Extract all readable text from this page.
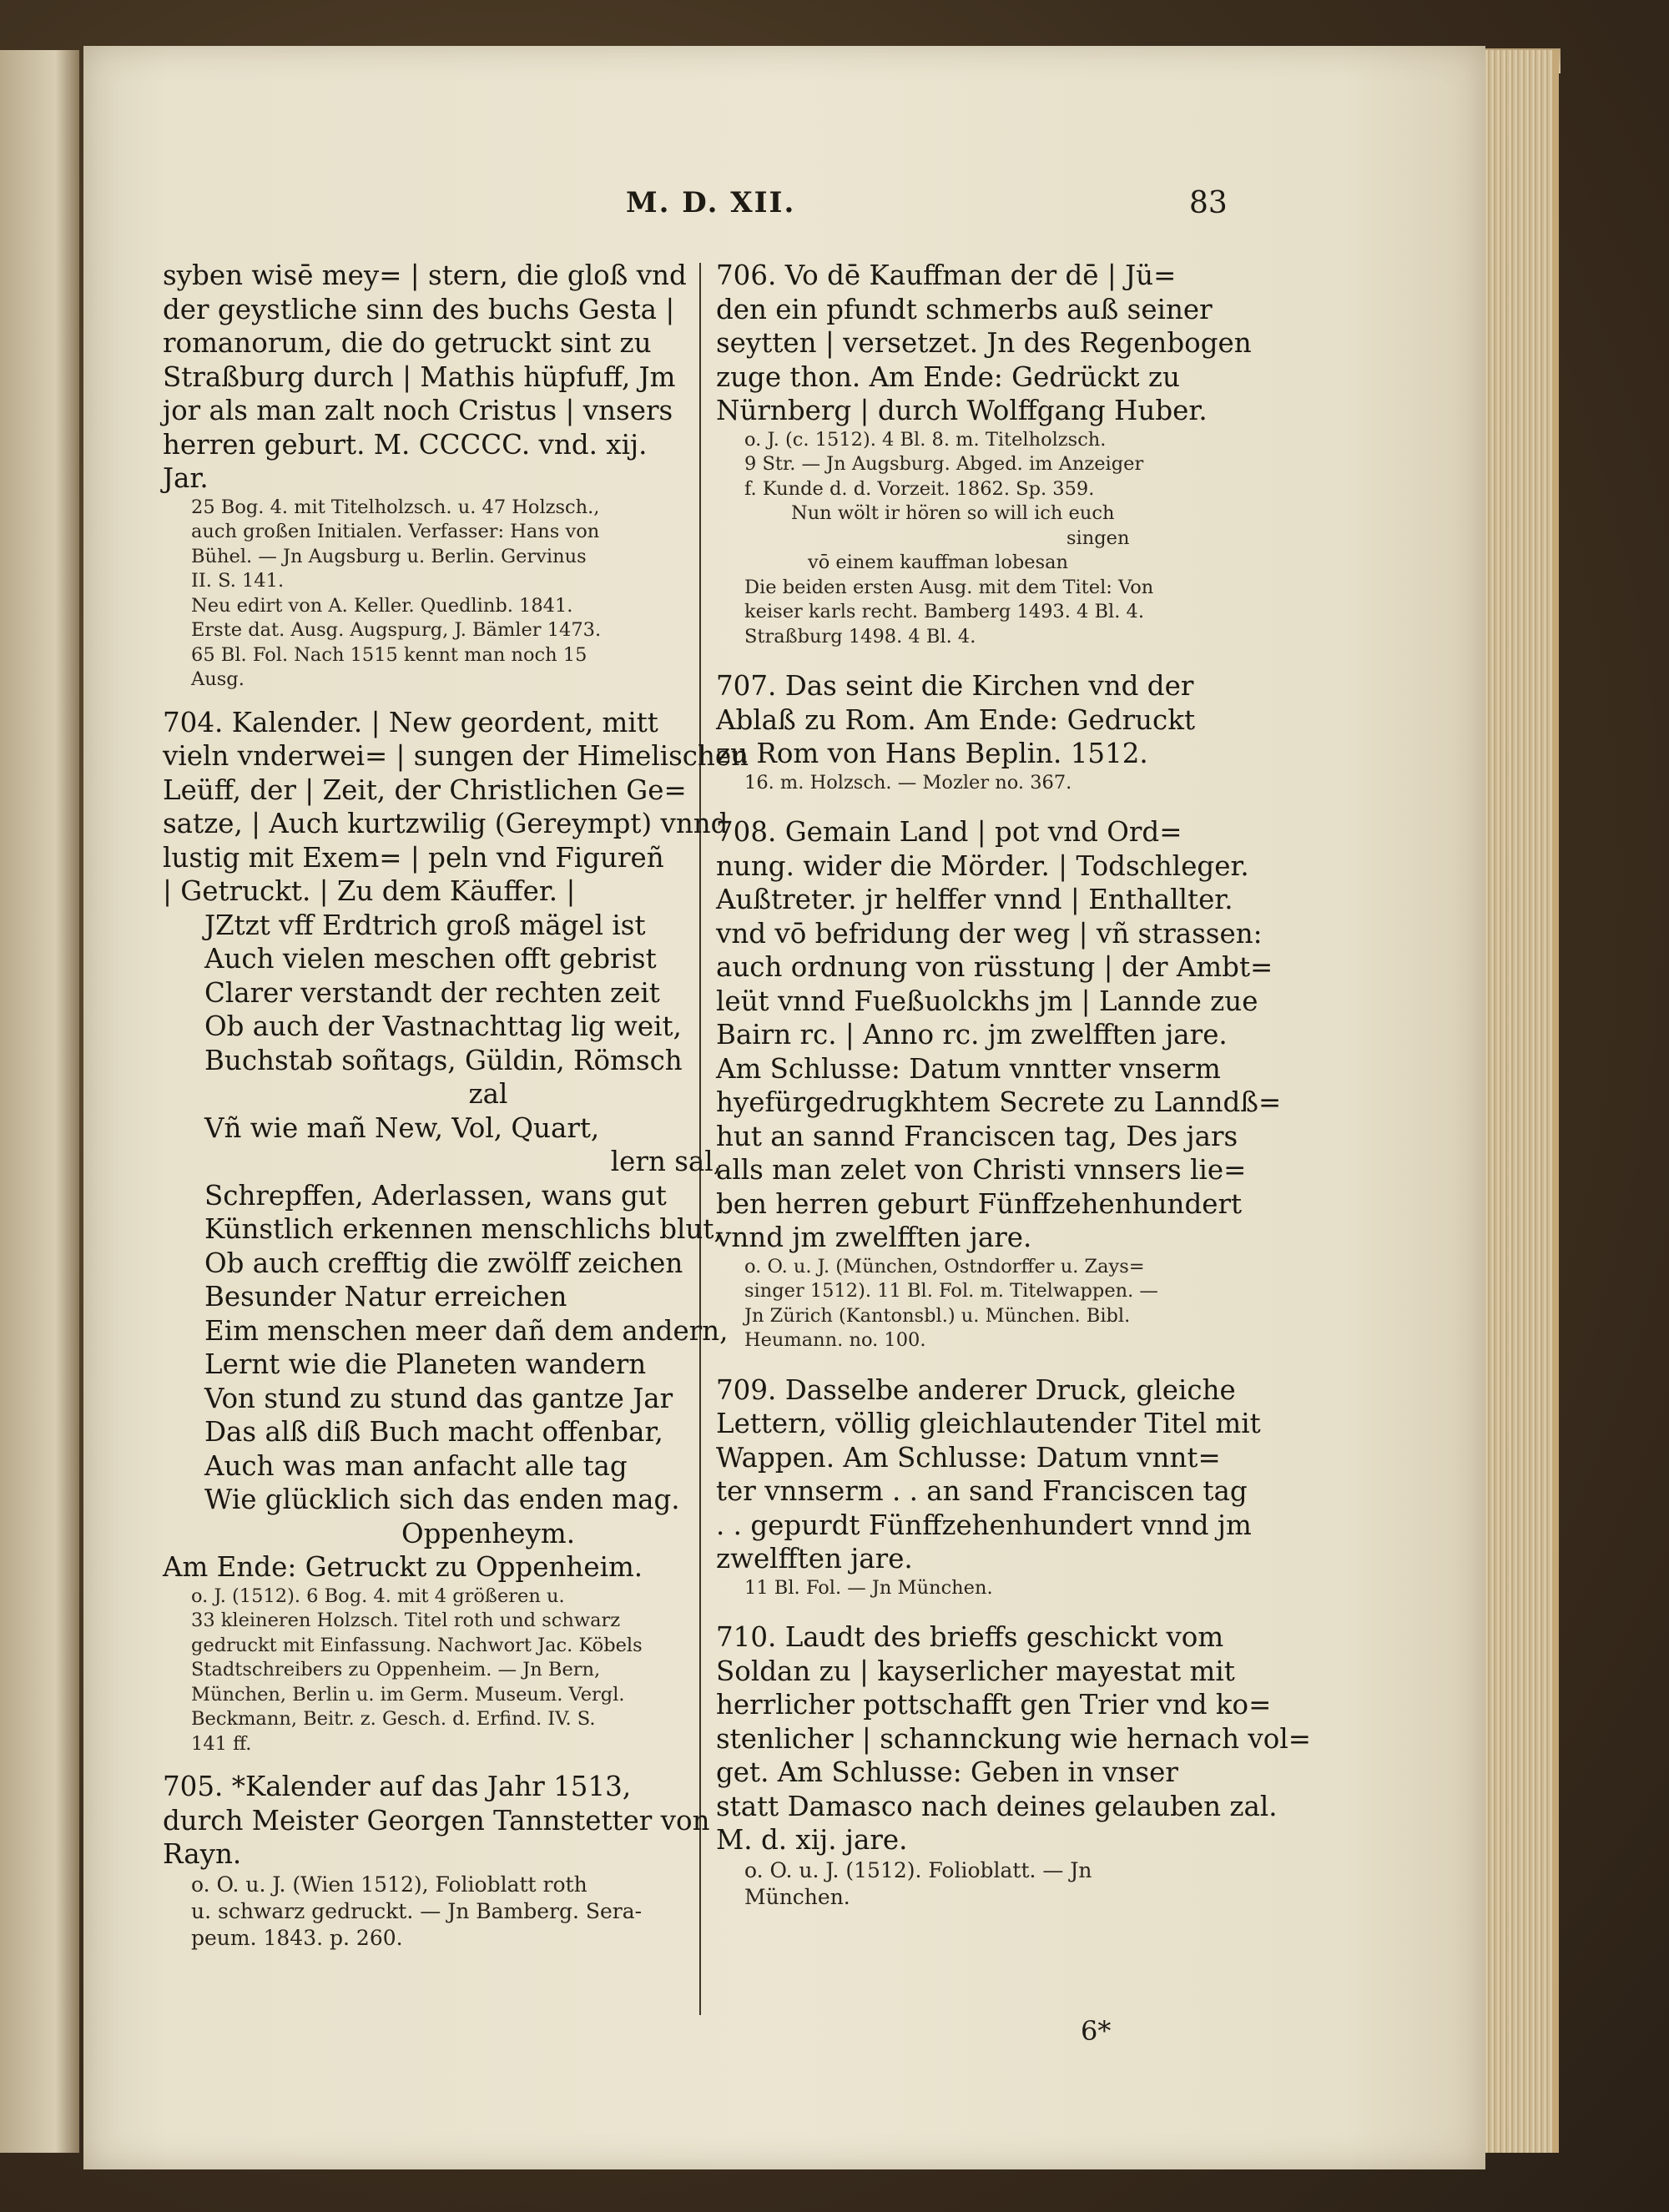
M. D. XII.	83
syben wisē mey= | stern, die gloß vnd
der geystliche sinn des buchs Gesta |
romanorum, die do getruckt sint zu
Straßburg durch | Mathis hüpfuff, Jm
jor als man zalt noch Cristus | vnsers
herren geburt. M. CCCCC. vnd. xij.
Jar.
25 Bog. 4. mit Titelholzsch. u. 47 Holzsch.,
auch großen Initialen. Verfasser: Hans von
Bühel. — Jn Augsburg u. Berlin. Gervinus
II. S. 141.
Neu edirt von A. Keller. Quedlinb. 1841.
Erste dat. Ausg. Augspurg, J. Bämler 1473.
65 Bl. Fol. Nach 1515 kennt man noch 15
Ausg.
704. Kalender. | New geordent, mitt
vieln vnderwei= | sungen der Himelischen
Leüff, der | Zeit, der Christlichen Ge=
satze, | Auch kurtzwilig (Gereympt) vnnd
lustig mit Exem= | peln vnd Figureñ
| Getruckt. | Zu dem Käuffer. |
JZtzt vff Erdtrich groß mägel ist
Auch vielen meschen offt gebrist
Clarer verstandt der rechten zeit
Ob auch der Vastnachttag lig weit,
Buchstab soñtags, Güldin, Römsch
zal
Vñ wie mañ New, Vol, Quart,
lern sal,
Schrepffen, Aderlassen, wans gut
Künstlich erkennen menschlichs blut,
Ob auch crefftig die zwölff zeichen
Besunder Natur erreichen
Eim menschen meer dañ dem andern,
Lernt wie die Planeten wandern
Von stund zu stund das gantze Jar
Das alß diß Buch macht offenbar,
Auch was man anfacht alle tag
Wie glücklich sich das enden mag.
Oppenheym.
Am Ende: Getruckt zu Oppenheim.
o. J. (1512). 6 Bog. 4. mit 4 größeren u.
33 kleineren Holzsch. Titel roth und schwarz
gedruckt mit Einfassung. Nachwort Jac. Köbels
Stadtschreibers zu Oppenheim. — Jn Bern,
München, Berlin u. im Germ. Museum. Vergl.
Beckmann, Beitr. z. Gesch. d. Erfind. IV. S.
141 ff.
705. *Kalender auf das Jahr 1513,
durch Meister Georgen Tannstetter von
Rayn.
o. O. u. J. (Wien 1512), Folioblatt roth
u. schwarz gedruckt. — Jn Bamberg. Sera-
peum. 1843. p. 260.
706. Vo dē Kauffman der dē | Jü=
den ein pfundt schmerbs auß seiner
seytten | versetzet. Jn des Regenbogen
zuge thon. Am Ende: Gedrückt zu
Nürnberg | durch Wolffgang Huber.
o. J. (c. 1512). 4 Bl. 8. m. Titelholzsch.
9 Str. — Jn Augsburg. Abged. im Anzeiger
f. Kunde d. d. Vorzeit. 1862. Sp. 359.
Nun wölt ir hören so will ich euch
singen
vō einem kauffman lobesan
Die beiden ersten Ausg. mit dem Titel: Von
keiser karls recht. Bamberg 1493. 4 Bl. 4.
Straßburg 1498. 4 Bl. 4.
707. Das seint die Kirchen vnd der
Ablaß zu Rom. Am Ende: Gedruckt
zu Rom von Hans Beplin. 1512.
16. m. Holzsch. — Mozler no. 367.
708. Gemain Land | pot vnd Ord=
nung. wider die Mörder. | Todschleger.
Außtreter. jr helffer vnnd | Enthallter.
vnd vō befridung der weg | vñ strassen:
auch ordnung von rüsstung | der Ambt=
leüt vnnd Fueßuolckhs jm | Lannde zue
Bairn rc. | Anno rc. jm zwelfften jare.
Am Schlusse: Datum vnntter vnserm
hyefürgedrugkhtem Secrete zu Lanndß=
hut an sannd Franciscen tag, Des jars
alls man zelet von Christi vnnsers lie=
ben herren geburt Fünffzehenhundert
vnnd jm zwelfften jare.
o. O. u. J. (München, Ostndorffer u. Zays=
singer 1512). 11 Bl. Fol. m. Titelwappen. —
Jn Zürich (Kantonsbl.) u. München. Bibl.
Heumann. no. 100.
709. Dasselbe anderer Druck, gleiche
Lettern, völlig gleichlautender Titel mit
Wappen. Am Schlusse: Datum vnnt=
ter vnnserm . . an sand Franciscen tag
. . gepurdt Fünffzehenhundert vnnd jm
zwelfften jare.
11 Bl. Fol. — Jn München.
710. Laudt des brieffs geschickt vom
Soldan zu | kayserlicher mayestat mit
herrlicher pottschafft gen Trier vnd ko=
stenlicher | schannckung wie hernach vol=
get. Am Schlusse: Geben in vnser
statt Damasco nach deines gelauben zal.
M. d. xij. jare.
o. O. u. J. (1512). Folioblatt. — Jn
München.
6*
